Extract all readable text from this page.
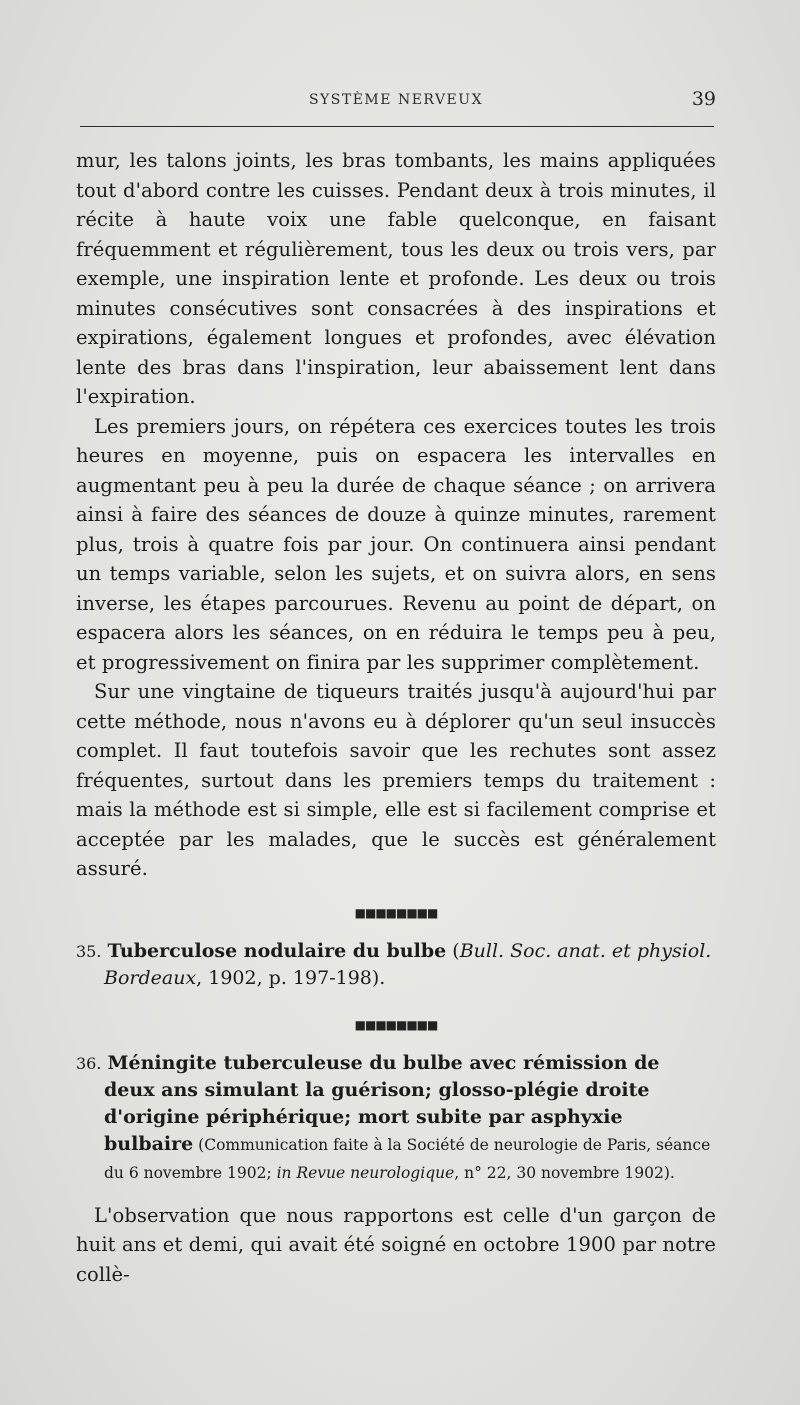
SYSTÈME NERVEUX	39

mur, les talons joints, les bras tombants, les mains appliquées tout d'abord contre les cuisses. Pendant deux à trois minutes, il récite à haute voix une fable quelconque, en faisant fréquemment et régulièrement, tous les deux ou trois vers, par exemple, une inspiration lente et profonde. Les deux ou trois minutes consécutives sont consacrées à des inspirations et expirations, également longues et profondes, avec élévation lente des bras dans l'inspiration, leur abaissement lent dans l'expiration.

Les premiers jours, on répétera ces exercices toutes les trois heures en moyenne, puis on espacera les intervalles en augmentant peu à peu la durée de chaque séance ; on arrivera ainsi à faire des séances de douze à quinze minutes, rarement plus, trois à quatre fois par jour. On continuera ainsi pendant un temps variable, selon les sujets, et on suivra alors, en sens inverse, les étapes parcourues. Revenu au point de départ, on espacera alors les séances, on en réduira le temps peu à peu, et progressivement on finira par les supprimer complètement.

Sur une vingtaine de tiqueurs traités jusqu'à aujourd'hui par cette méthode, nous n'avons eu à déplorer qu'un seul insuccès complet. Il faut toutefois savoir que les rechutes sont assez fréquentes, surtout dans les premiers temps du traitement : mais la méthode est si simple, elle est si facilement comprise et acceptée par les malades, que le succès est généralement assuré.

■■■■■■■■

35. Tuberculose nodulaire du bulbe (Bull. Soc. anat. et physiol. Bordeaux, 1902, p. 197-198).

■■■■■■■■

36. Méningite tuberculeuse du bulbe avec rémission de deux ans simulant la guérison; glosso-plégie droite d'origine périphérique; mort subite par asphyxie bulbaire (Communication faite à la Société de neurologie de Paris, séance du 6 novembre 1902; in Revue neurologique, n° 22, 30 novembre 1902).

L'observation que nous rapportons est celle d'un garçon de huit ans et demi, qui avait été soigné en octobre 1900 par notre collè-
